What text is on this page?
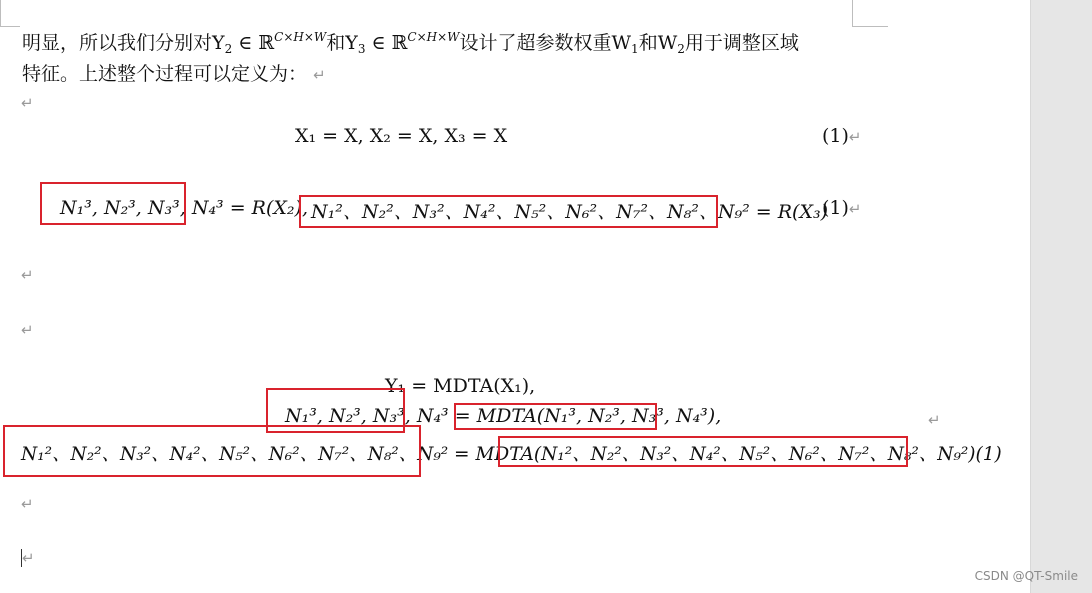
明显，所以我们分别对$Y_2$ ∈ ℝ$^{C\times H\times W}$和$Y_3$ ∈ ℝ$^{C\times H\times W}$设计了超参数权重$W_1$和$W_2$用于调整区域
特征。上述整个过程可以定义为： ↵
↵
X₁ = X, X₂ = X, X₃ = X	(1)↵
N₁³, N₂³, N₃³, N₄³ = R(X₂), N₁²、N₂²、N₃²、N₄²、N₅²、N₆²、N₇²、N₈²、N₉² = R(X₃)
(1)↵
↵
↵
Y₁ = MDTA(X₁),
N₁³, N₂³, N₃³, N₄³ = MDTA(N₁³, N₂³, N₃³, N₄³),	↵
N₁²、N₂²、N₃²、N₄²、N₅²、N₆²、N₇²、N₈²、N₉² = MDTA(N₁²、N₂²、N₃²、N₄²、N₅²、N₆²、N₇²、N₈²、N₉²)(1)
↵
↵
CSDN @QT-Smile
